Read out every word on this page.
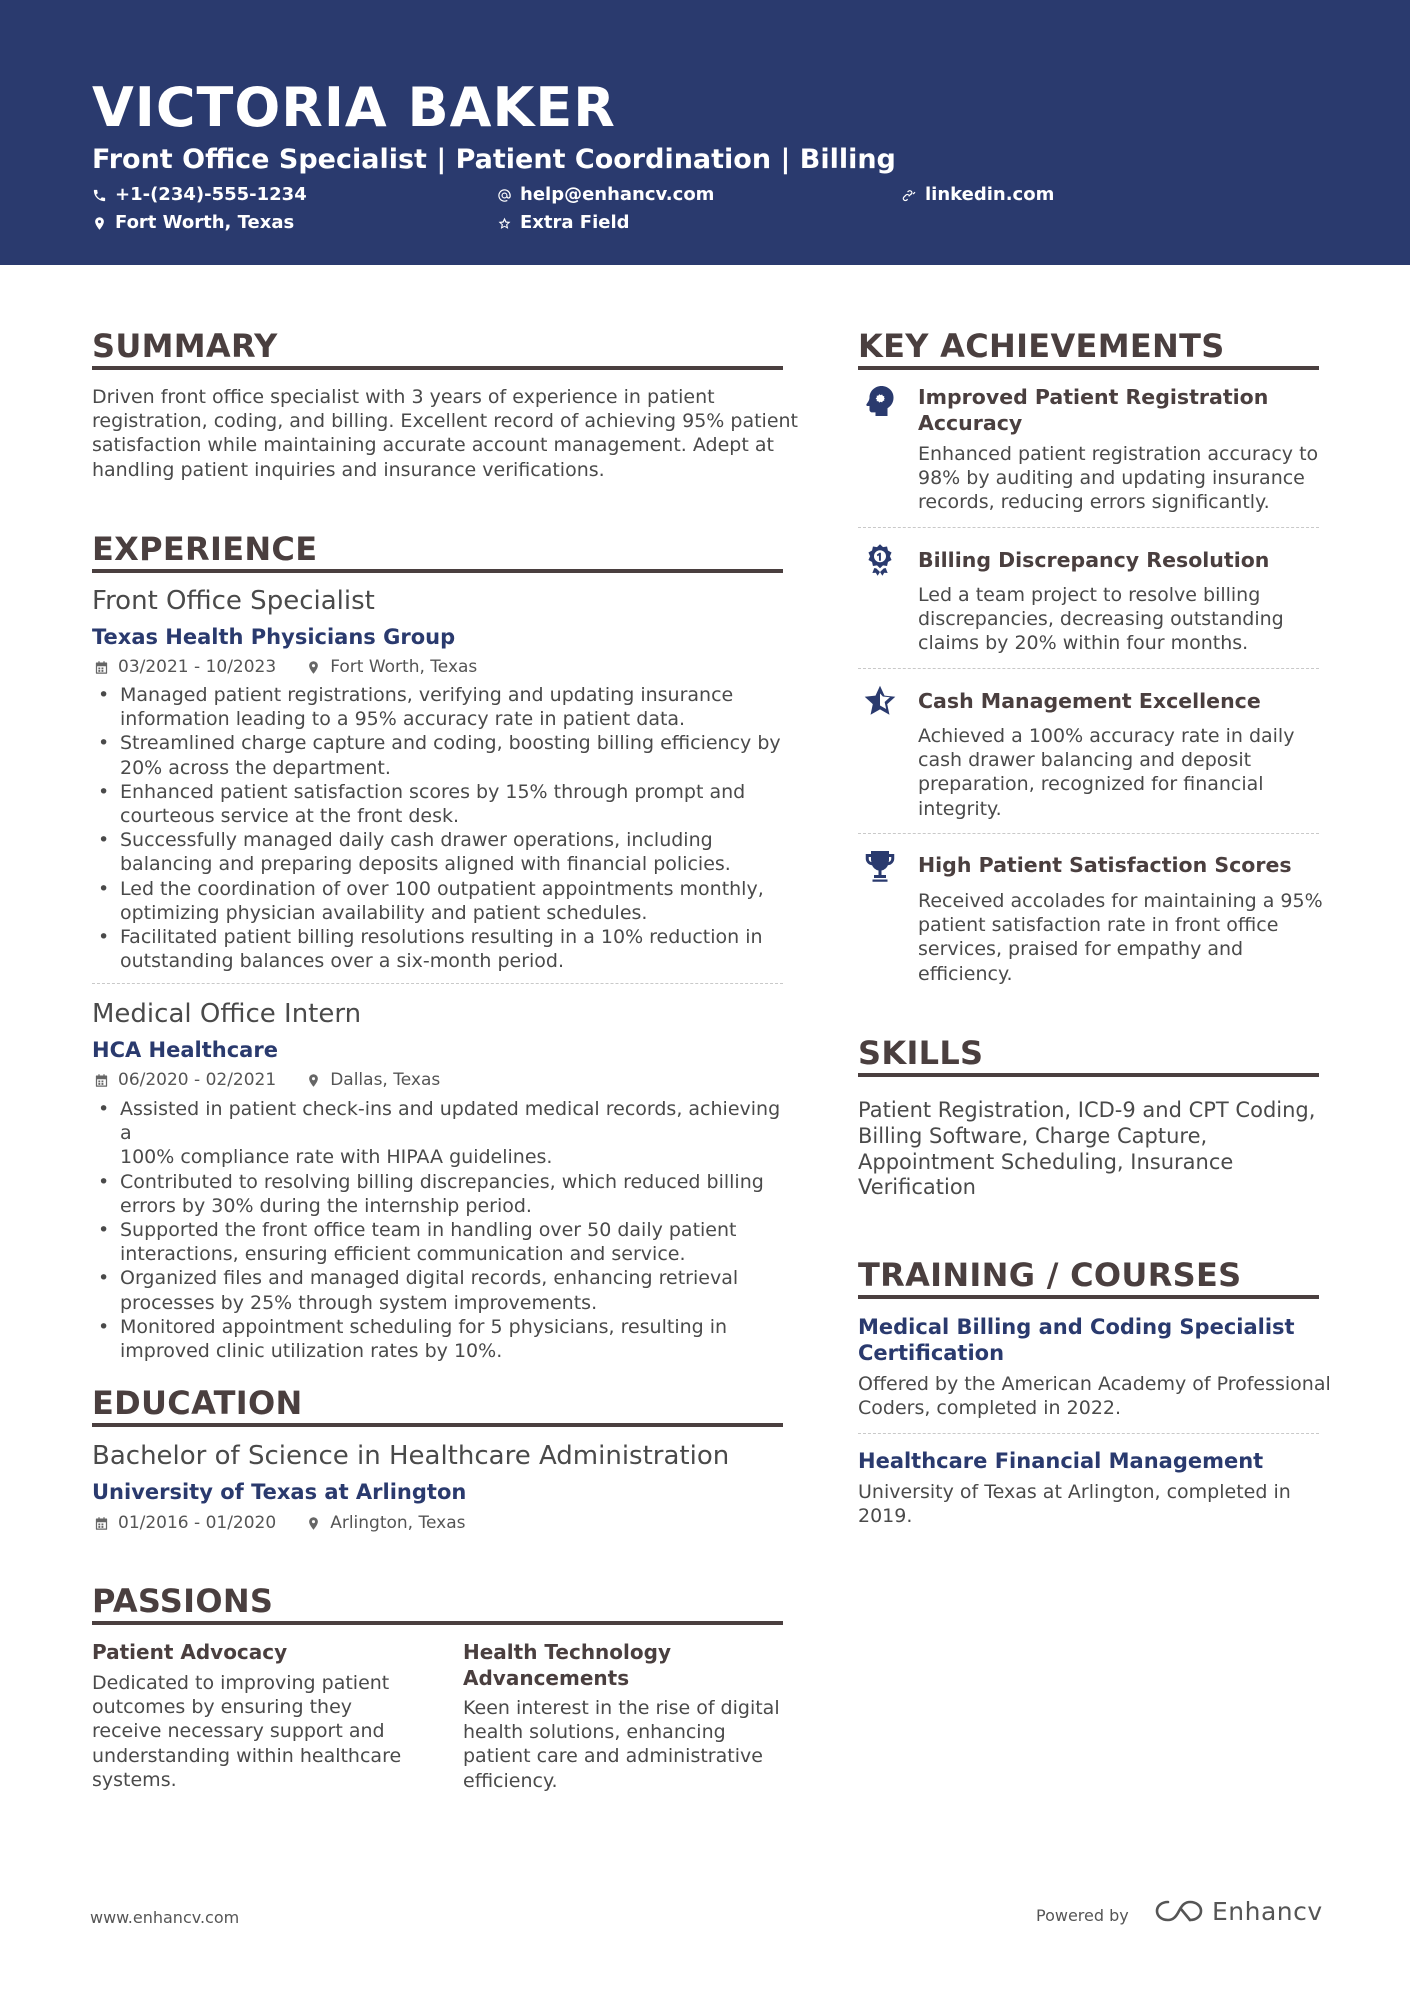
VICTORIA BAKER
Front Office Specialist | Patient Coordination | Billing
+1-(234)-555-1234	help@enhancv.com	linkedin.com
Fort Worth, Texas	Extra Field
SUMMARY
Driven front office specialist with 3 years of experience in patient
registration, coding, and billing. Excellent record of achieving 95% patient
satisfaction while maintaining accurate account management. Adept at
handling patient inquiries and insurance verifications.
EXPERIENCE
Front Office Specialist
Texas Health Physicians Group
03/2021 - 10/2023	Fort Worth, Texas
• Managed patient registrations, verifying and updating insurance
information leading to a 95% accuracy rate in patient data.
• Streamlined charge capture and coding, boosting billing efficiency by
20% across the department.
• Enhanced patient satisfaction scores by 15% through prompt and
courteous service at the front desk.
• Successfully managed daily cash drawer operations, including
balancing and preparing deposits aligned with financial policies.
• Led the coordination of over 100 outpatient appointments monthly,
optimizing physician availability and patient schedules.
• Facilitated patient billing resolutions resulting in a 10% reduction in
outstanding balances over a six-month period.
Medical Office Intern
HCA Healthcare
06/2020 - 02/2021	Dallas, Texas
• Assisted in patient check-ins and updated medical records, achieving a
100% compliance rate with HIPAA guidelines.
• Contributed to resolving billing discrepancies, which reduced billing
errors by 30% during the internship period.
• Supported the front office team in handling over 50 daily patient
interactions, ensuring efficient communication and service.
• Organized files and managed digital records, enhancing retrieval
processes by 25% through system improvements.
• Monitored appointment scheduling for 5 physicians, resulting in
improved clinic utilization rates by 10%.
EDUCATION
Bachelor of Science in Healthcare Administration
University of Texas at Arlington
01/2016 - 01/2020	Arlington, Texas
PASSIONS
Patient Advocacy
Dedicated to improving patient
outcomes by ensuring they
receive necessary support and
understanding within healthcare
systems.
Health Technology
Advancements
Keen interest in the rise of digital
health solutions, enhancing
patient care and administrative
efficiency.
KEY ACHIEVEMENTS
Improved Patient Registration
Accuracy
Enhanced patient registration accuracy to
98% by auditing and updating insurance
records, reducing errors significantly.
Billing Discrepancy Resolution
Led a team project to resolve billing
discrepancies, decreasing outstanding
claims by 20% within four months.
Cash Management Excellence
Achieved a 100% accuracy rate in daily
cash drawer balancing and deposit
preparation, recognized for financial
integrity.
High Patient Satisfaction Scores
Received accolades for maintaining a 95%
patient satisfaction rate in front office
services, praised for empathy and
efficiency.
SKILLS
Patient Registration, ICD-9 and CPT Coding,
Billing Software, Charge Capture,
Appointment Scheduling, Insurance
Verification
TRAINING / COURSES
Medical Billing and Coding Specialist
Certification
Offered by the American Academy of Professional
Coders, completed in 2022.
Healthcare Financial Management
University of Texas at Arlington, completed in
2019.
www.enhancv.com	Powered by	Enhancv
